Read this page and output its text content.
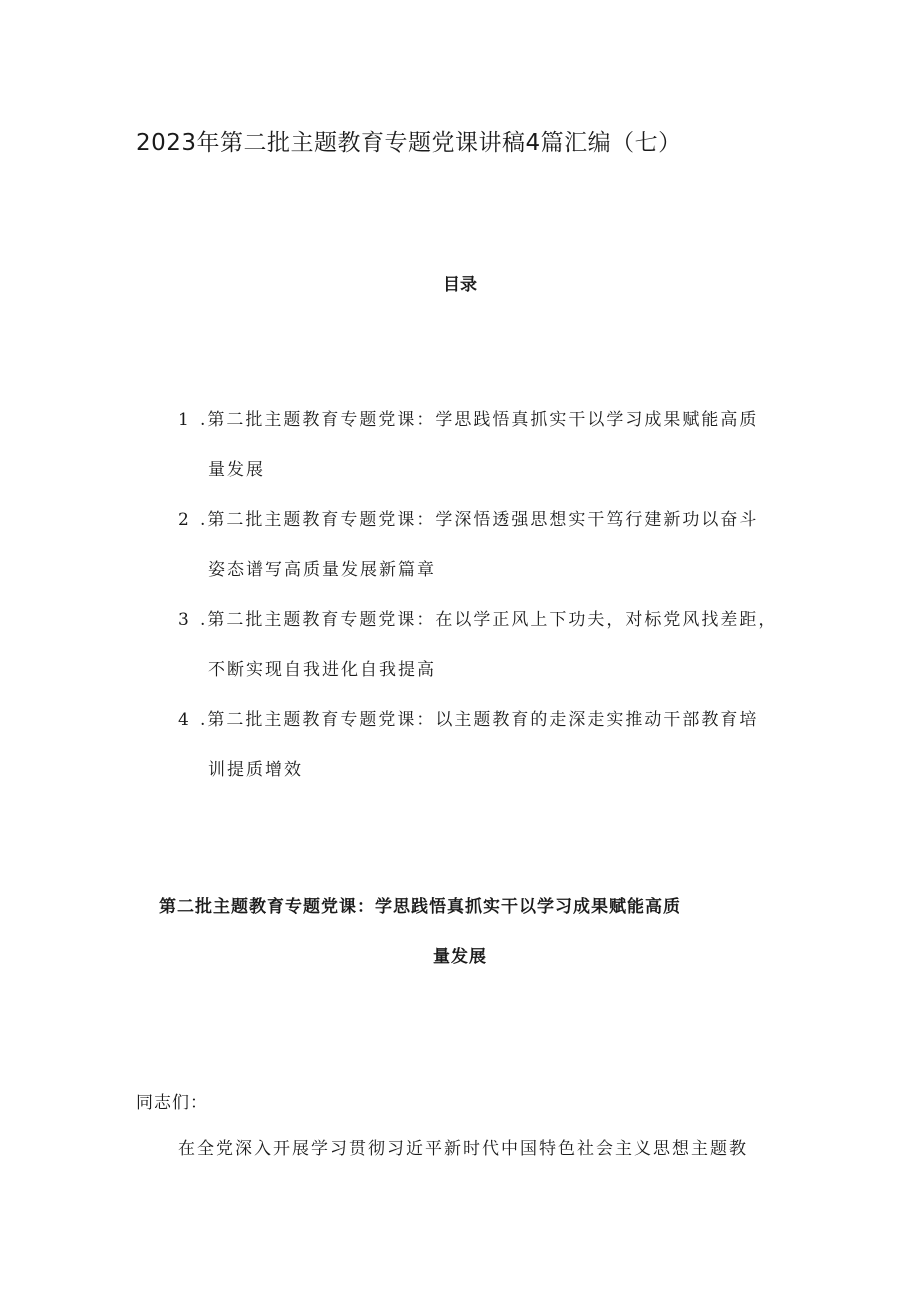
2023年第二批主题教育专题党课讲稿4篇汇编（七）
目录
1 .第二批主题教育专题党课：学思践悟真抓实干以学习成果赋能高质
量发展
2 .第二批主题教育专题党课：学深悟透强思想实干笃行建新功以奋斗
姿态谱写高质量发展新篇章
3 .第二批主题教育专题党课：在以学正风上下功夫，对标党风找差距，
不断实现自我进化自我提高
4 .第二批主题教育专题党课：以主题教育的走深走实推动干部教育培
训提质增效
第二批主题教育专题党课：学思践悟真抓实干以学习成果赋能高质
量发展

同志们：

在全党深入开展学习贯彻习近平新时代中国特色社会主义思想主题教
